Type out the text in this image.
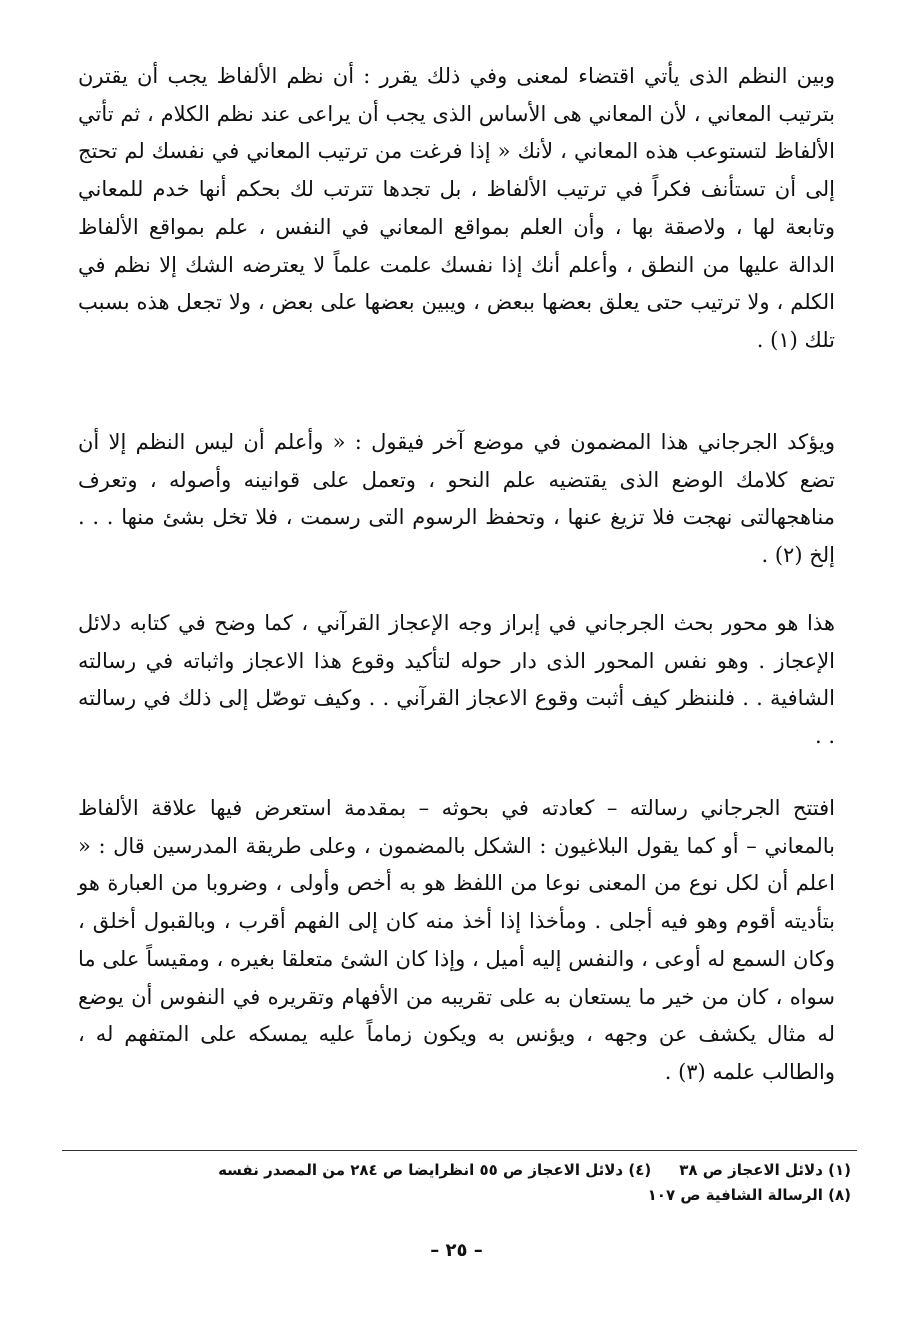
وبين النظم الذى يأتي اقتضاء لمعنى وفي ذلك يقرر : أن نظم الألفاظ يجب أن يقترن بترتيب المعاني ، لأن المعاني هى الأساس الذى يجب أن يراعى عند نظم الكلام ، ثم تأتي الألفاظ لتستوعب هذه المعاني ، لأنك « إذا فرغت من ترتيب المعاني في نفسك لم تحتج إلى أن تستأنف فكراً في ترتيب الألفاظ ، بل تجدها تترتب لك بحكم أنها خدم للمعاني وتابعة لها ، ولاصقة بها ، وأن العلم بمواقع المعاني في النفس ، علم بمواقع الألفاظ الدالة عليها من النطق ، وأعلم أنك إذا نفسك علمت علماً لا يعترضه الشك إلا نظم في الكلم ، ولا ترتيب حتى يعلق بعضها ببعض ، ويبين بعضها على بعض ، ولا تجعل هذه بسبب تلك (١) .

ويؤكد الجرجاني هذا المضمون في موضع آخر فيقول : « وأعلم أن ليس النظم إلا أن تضع كلامك الوضع الذى يقتضيه علم النحو ، وتعمل على قوانينه وأصوله ، وتعرف مناهجهالتى نهجت فلا تزيغ عنها ، وتحفظ الرسوم التى رسمت ، فلا تخل بشئ منها . . . إلخ (٢) .

هذا هو محور بحث الجرجاني في إبراز وجه الإعجاز القرآني ، كما وضح في كتابه دلائل الإعجاز . وهو نفس المحور الذى دار حوله لتأكيد وقوع هذا الاعجاز واثباته في رسالته الشافية . . فلننظر كيف أثبت وقوع الاعجاز القرآني . . وكيف توصّل إلى ذلك في رسالته . .

افتتح الجرجاني رسالته – كعادته في بحوثه – بمقدمة استعرض فيها علاقة الألفاظ بالمعاني – أو كما يقول البلاغيون : الشكل بالمضمون ، وعلى طريقة المدرسين قال : « اعلم أن لكل نوع من المعنى نوعا من اللفظ هو به أخص وأولى ، وضروبا من العبارة هو بتأديته أقوم وهو فيه أجلى . ومأخذا إذا أخذ منه كان إلى الفهم أقرب ، وبالقبول أخلق ، وكان السمع له أوعى ، والنفس إليه أميل ، وإذا كان الشئ متعلقا بغيره ، ومقيساً على ما سواه ، كان من خير ما يستعان به على تقريبه من الأفهام وتقريره في النفوس أن يوضع له مثال يكشف عن وجهه ، ويؤنس به ويكون زماماً عليه يمسكه على المتفهم له ، والطالب علمه (٣) .

(١) دلائل الاعجاز ص ٣٨
(٤) دلائل الاعجاز ص ٥٥ انظرايضا ص ٢٨٤ من المصدر نفسه
(٨) الرسالة الشافية ص ١٠٧
– ٢٥ –
